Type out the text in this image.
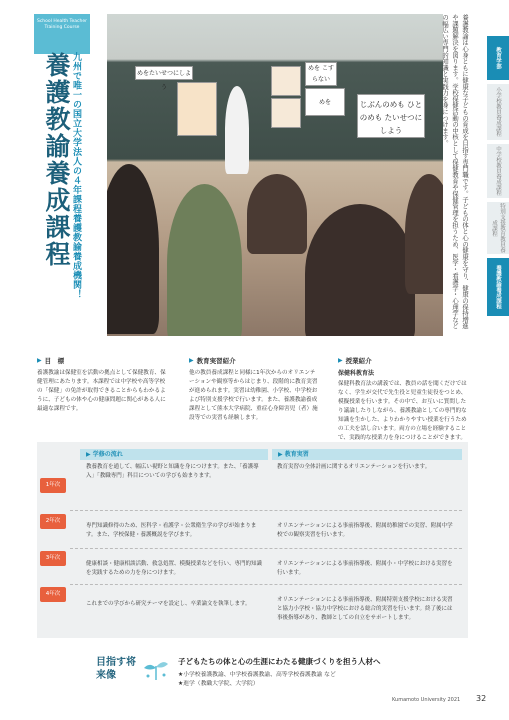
School Health Teacher Training Course
養護教諭養成課程 九州で唯一の国立大学法人の４年課程養護教諭養成機関！	めをたいせつにしよう
じぶんのめも ひとのめも たいせつにしよう
めを こすらない
めを	養護教諭は心身ともに健康な子どもの育成を目指す専門職です。子どもの体と心の健康を守り、健康の保持増進や課題解決を図ります。学校保健活動の中核として保健教育や保健管理を担うため、医学・看護学・心理学などの幅広い専門的知識と実践力を身につけます。	教育学部
小学校教員養成課程
中学校教員養成課程
特別支援教育教員養成課程
養護教諭養成課程
▶ 目　標
養護教諭は保健室を活動の拠点として保健教育、保健管理にあたります。本課程では中学校や高等学校の「保健」の免許が取得できることからもわかるように、子どもの体や心の健康問題に関心がある人に最適な課程です。
▶ 教育実習紹介
他の教員養成課程と同様に1年次からのオリエンテーションや観察等からはじまり、段階的に教育実習が進められます。実習は幼稚園、小学校、中学校および特別支援学校で行います。また、養護教諭養成課程として熊本大学病院、重症心身障害児（者）施設等での実習も経験します。
▶ 授業紹介
保健科教育法
保健科教育法の講義では、教員の話を聞くだけではなく、学生が交代で先生役と児童生徒役をつとめ、模擬授業を行います。その中で、お互いに質問したり議論したりしながら、養護教諭としての専門的な知識を生かした、よりわかりやすい授業を行うための工夫を話し合います。両方の立場を経験することで、実践的な授業力を身につけることができます。
▶ 学修の流れ	▶ 教育実習
1年次
教養教育を通して、幅広い視野と知識を身につけます。また、「養護導入」「教職専門」科目についての学びも始まります。
教育実習の全体計画に関するオリエンテーションを行います。
2年次
専門知識修得のため、医科学・看護学・公衆衛生学の学びが始まります。また、学校保健・養護概説を学びます。
オリエンテーションによる事前指導後、附属幼稚園での実習、附属中学校での観察実習を行います。
3年次
健康相談・健康相談活動、救急処置、模擬授業などを行い、専門的知識を実践するための力を身につけます。
オリエンテーションによる事前指導後、附属小・中学校における実習を行います。
4年次
これまでの学びから研究テーマを設定し、卒業論文を執筆します。
オリエンテーションによる事前指導後、附属特別支援学校における実習と協力小学校・協力中学校における総合的実習を行います。終了後には事後指導があり、教師としての自立をサポートします。
目指す将来像
子どもたちの体と心の生涯にわたる健康づくりを担う人材へ
★小学校養護教諭、中学校養護教諭、高等学校養護教諭 など
★進学（教職大学院、大学院）
Kumamoto University 2021 32
